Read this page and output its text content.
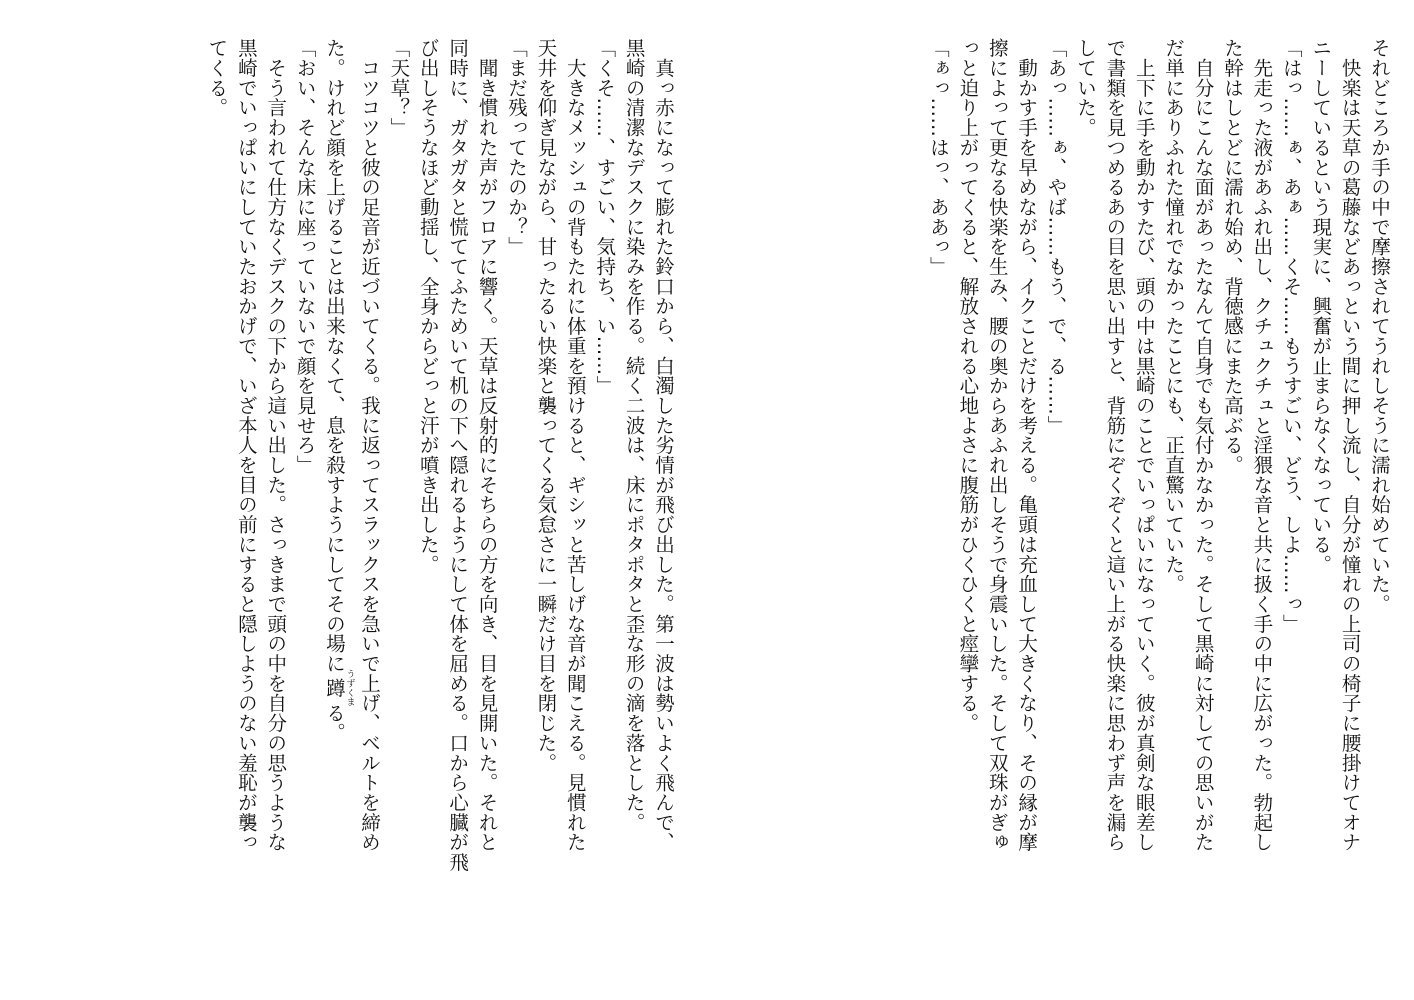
それどころか手の中で摩擦されてうれしそうに濡れ始めていた。

　快楽は天草の葛藤などあっという間に押し流し、自分が憧れの上司の椅子に腰掛けてオナ

ニーしているという現実に、興奮が止まらなくなっている。

「はっ……ぁ、あぁ……くそ……もうすごい、どう、しよ……っ」

　先走った液があふれ出し、クチュクチュと淫猥な音と共に扱く手の中に広がった。勃起し

た幹はしとどに濡れ始め、背徳感にまた高ぶる。

　自分にこんな面があったなんて自身でも気付かなかった。そして黒崎に対しての思いがた

だ単にありふれた憧れでなかったことにも、正直驚いていた。

　上下に手を動かすたび、頭の中は黒崎のことでいっぱいになっていく。彼が真剣な眼差し

で書類を見つめるあの目を思い出すと、背筋にぞくぞくと這い上がる快楽に思わず声を漏ら

していた。

「あっ……ぁ、やば……もう、で、る……」

　動かす手を早めながら、イクことだけを考える。亀頭は充血して大きくなり、その縁が摩

擦によって更なる快楽を生み、腰の奥からあふれ出しそうで身震いした。そして双珠がぎゅ

っと迫り上がってくると、解放される心地よさに腹筋がひくひくと痙攣する。

「ぁっ……はっ、ああっ」

　真っ赤になって膨れた鈴口から、白濁した劣情が飛び出した。第一波は勢いよく飛んで、

黒崎の清潔なデスクに染みを作る。続く二波は、床にポタポタと歪な形の滴を落とした。

「くそ……、すごい、気持ち、い……」

　大きなメッシュの背もたれに体重を預けると、ギシッと苦しげな音が聞こえる。見慣れた

天井を仰ぎ見ながら、甘ったるい快楽と襲ってくる気怠さに一瞬だけ目を閉じた。

「まだ残ってたのか？」

　聞き慣れた声がフロアに響く。天草は反射的にそちらの方を向き、目を見開いた。それと

同時に、ガタガタと慌ててふためいて机の下へ隠れるようにして体を屈める。口から心臓が飛

び出しそうなほど動揺し、全身からどっと汗が噴き出した。

「天草？」

　コツコツと彼の足音が近づいてくる。我に返ってスラックスを急いで上げ、ベルトを締め

た。けれど顔を上げることは出来なくて、息を殺すようにしてその場に蹲うずくまる。

「おい、そんな床に座っていないで顔を見せろ」

　そう言われて仕方なくデスクの下から這い出した。さっきまで頭の中を自分の思うような

黒崎でいっぱいにしていたおかげで、いざ本人を目の前にすると隠しようのない羞恥が襲っ

てくる。
